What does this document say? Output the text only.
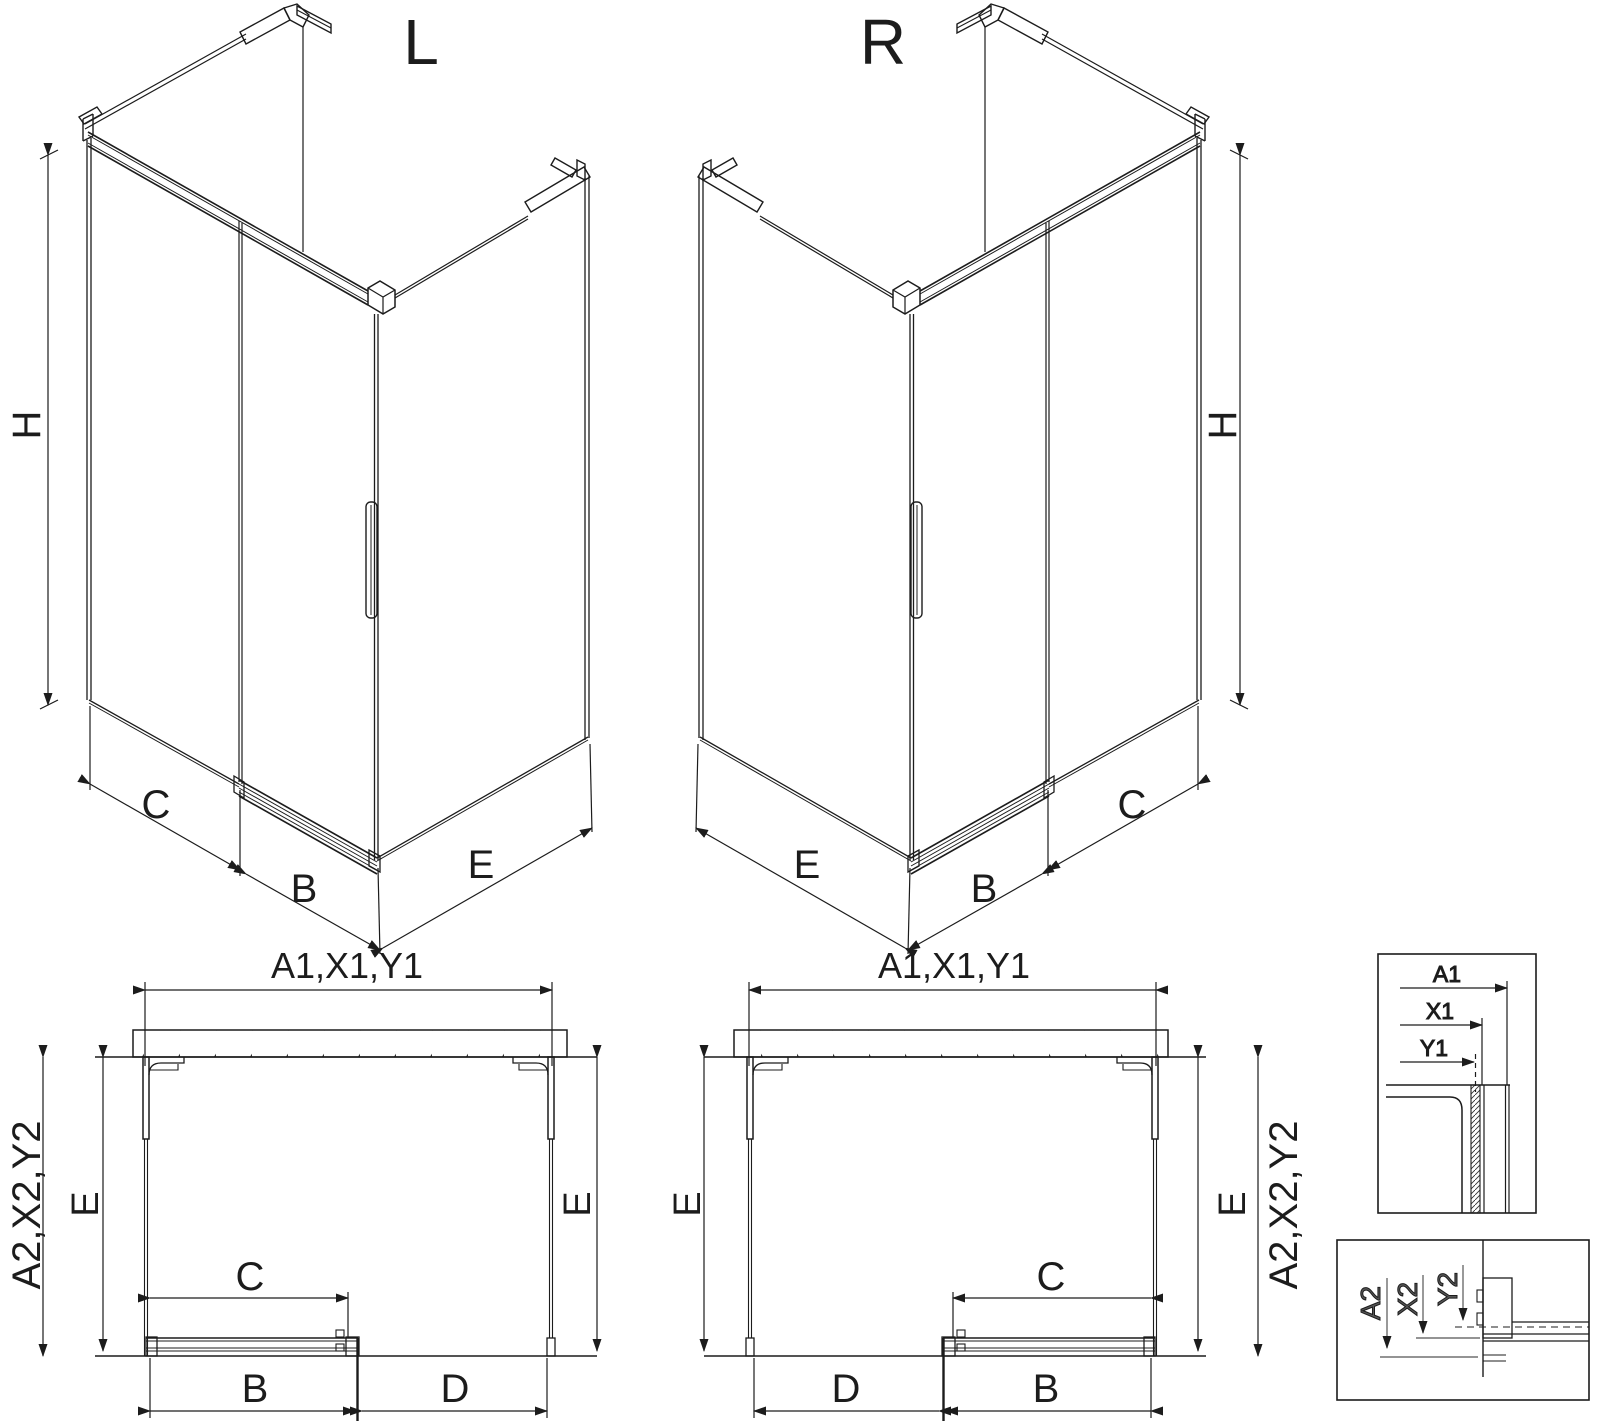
L
H
C
B
E
R
H
C
B
E
A1,X1,Y1
A2,X2,Y2 E	E
C
B	D
A1,X1,Y1
A2,X2,Y2
E	E
C
B
D
A1
X1
Y1
A2 X2 Y2
